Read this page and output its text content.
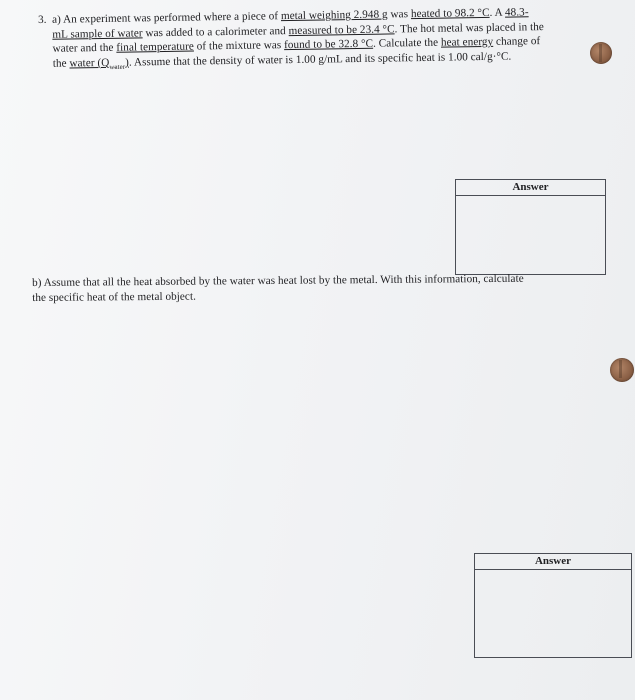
3. a) An experiment was performed where a piece of metal weighing 2.948 g was heated to 98.2 °C. A 48.3-
mL sample of water was added to a calorimeter and measured to be 23.4 °C. The hot metal was placed in the
water and the final temperature of the mixture was found to be 32.8 °C. Calculate the heat energy change of
the water $(Q_{water})$. Assume that the density of water is 1.00 g/mL and its specific heat is 1.00 cal/g·°C.
Answer
b) Assume that all the heat absorbed by the water was heat lost by the metal. With this information, calculate
the specific heat of the metal object.
Answer
